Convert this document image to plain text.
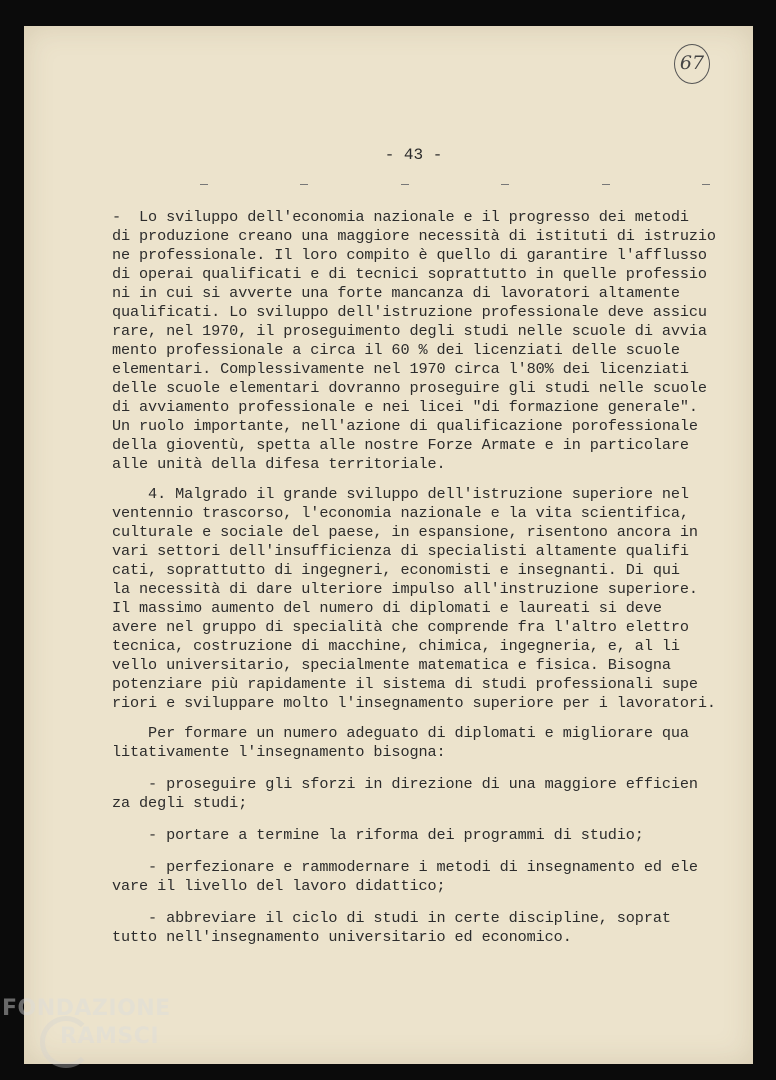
67
- 43 -
-  Lo sviluppo dell'economia nazionale e il progresso dei metodi
di produzione creano una maggiore necessità di istituti di istruzio
ne professionale. Il loro compito è quello di garantire l'afflusso
di operai qualificati e di tecnici soprattutto in quelle professio
ni in cui si avverte una forte mancanza di lavoratori altamente
qualificati. Lo sviluppo dell'istruzione professionale deve assicu
rare, nel 1970, il proseguimento degli studi nelle scuole di avvia
mento professionale a circa il 60 % dei licenziati delle scuole
elementari. Complessivamente nel 1970 circa l'80% dei licenziati
delle scuole elementari dovranno proseguire gli studi nelle scuole
di avviamento professionale e nei licei "di formazione generale".
Un ruolo importante, nell'azione di qualificazione porofessionale
della gioventù, spetta alle nostre Forze Armate e in particolare
alle unità della difesa territoriale.
4. Malgrado il grande sviluppo dell'istruzione superiore nel
ventennio trascorso, l'economia nazionale e la vita scientifica,
culturale e sociale del paese, in espansione, risentono ancora in
vari settori dell'insufficienza di specialisti altamente qualifi
cati, soprattutto di ingegneri, economisti e insegnanti. Di qui
la necessità di dare ulteriore impulso all'instruzione superiore.
Il massimo aumento del numero di diplomati e laureati si deve
avere nel gruppo di specialità che comprende fra l'altro elettro
tecnica, costruzione di macchine, chimica, ingegneria, e, al li
vello universitario, specialmente matematica e fisica. Bisogna
potenziare più rapidamente il sistema di studi professionali supe
riori e sviluppare molto l'insegnamento superiore per i lavoratori.
Per formare un numero adeguato di diplomati e migliorare qua
litativamente l'insegnamento bisogna:
- proseguire gli sforzi in direzione di una maggiore efficien
za degli studi;
- portare a termine la riforma dei programmi di studio;
- perfezionare e rammodernare i metodi di insegnamento ed ele
vare il livello del lavoro didattico;
- abbreviare il ciclo di studi in certe discipline, soprat
tutto nell'insegnamento universitario ed economico.
FONDAZIONE
RAMSCI
